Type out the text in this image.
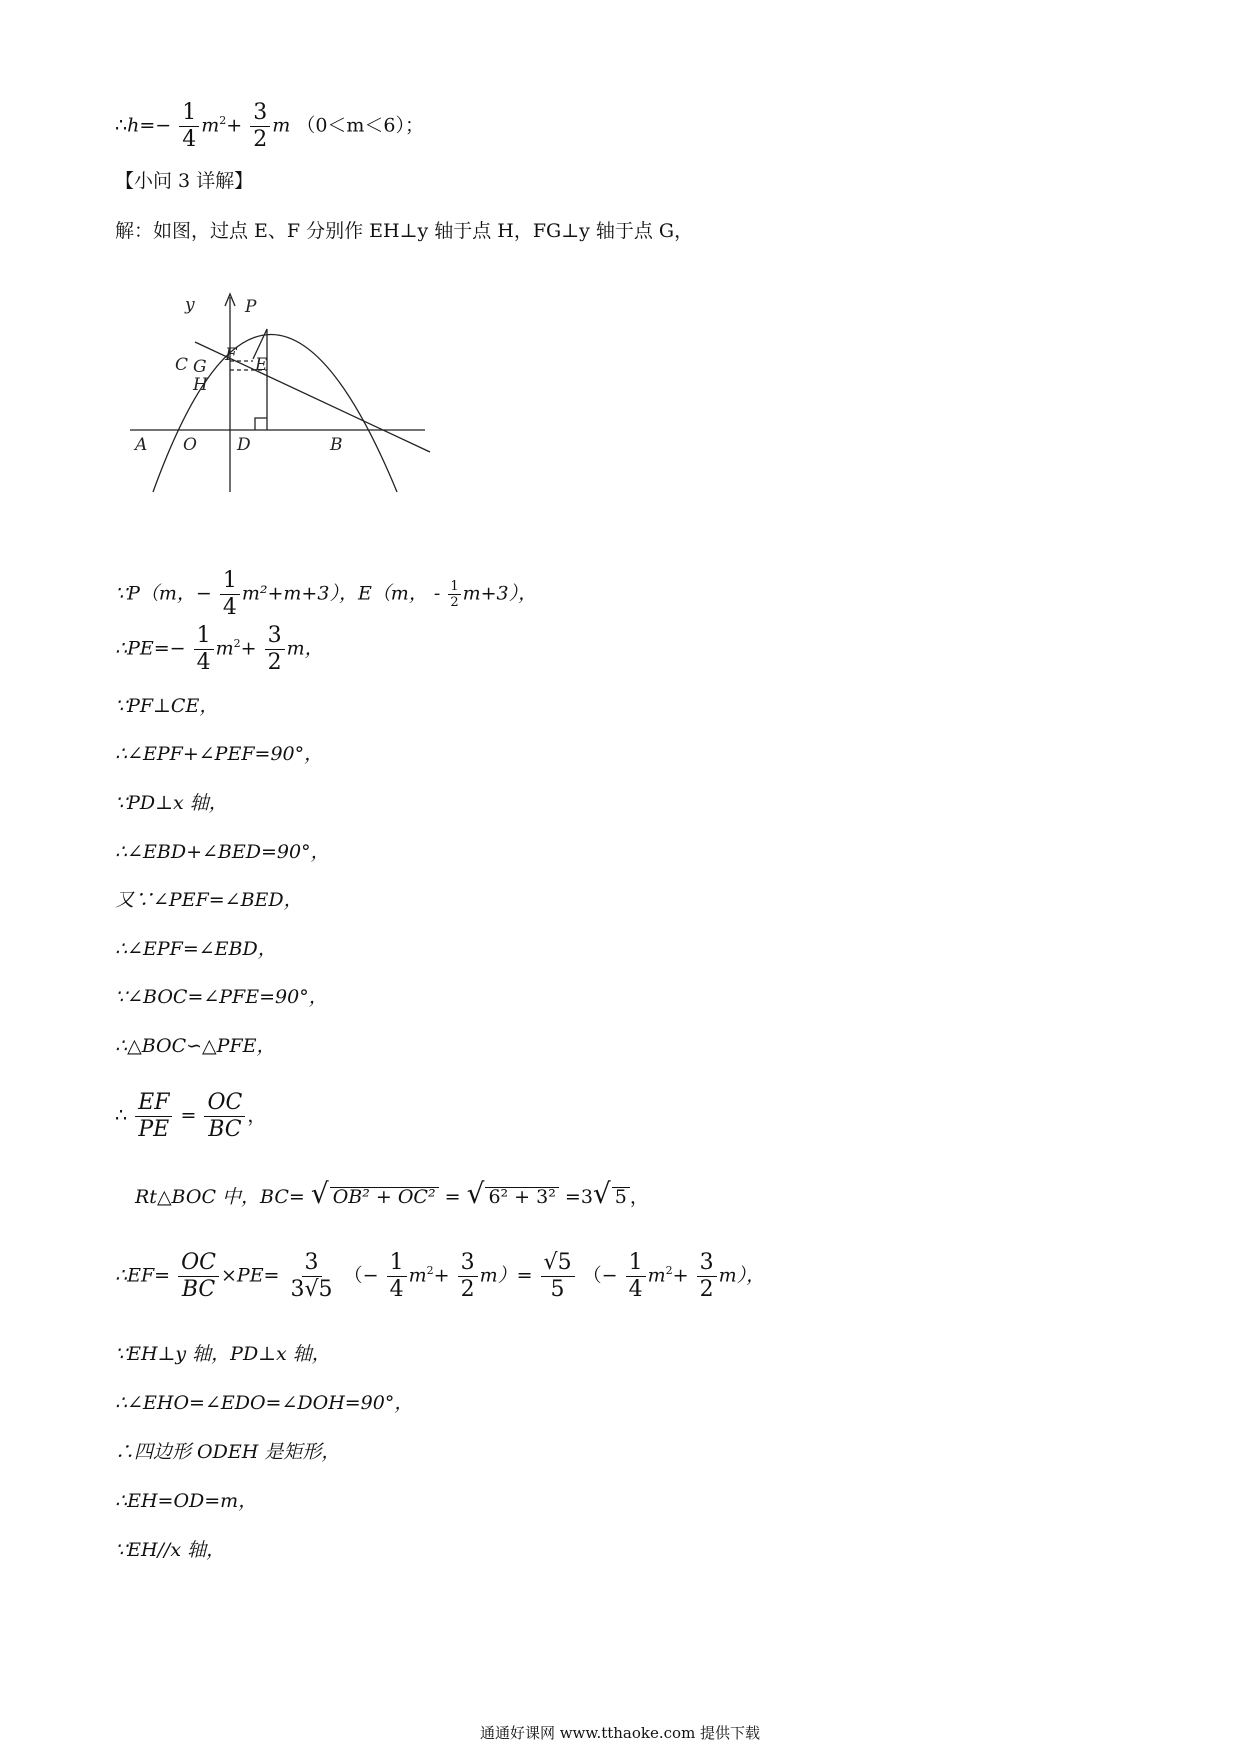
∴h=− $\frac{1}{4} m^2+ \frac{3}{2}$ m （0＜m＜6）；
【小问 3 详解】
解：如图，过点 E、F 分别作 EH⊥y 轴于点 H，FG⊥y 轴于点 G，
y	P
C G
F E
H
A O D	B
∵P（m，− $\frac{1}{4} m^2+m+3$），E（m， - $\frac{1}{2} m+3$），
∴PE=− $\frac{1}{4} m^2+ \frac{3}{2}$ m，
∵PF⊥CE，
∴∠EPF+∠PEF=90°，
∵PD⊥x 轴，
∴∠EBD+∠BED=90°，
又∵∠PEF=∠BED，
∴∠EPF=∠EBD，
∵∠BOC=∠PFE=90°，
∴△BOC∽△PFE，
∴ $\frac{EF}{PE} = \frac{OC}{BC}$ ，
Rt△BOC 中，BC= √ OB² + OC² = √ 6² + 3² =3√ 5 ，
∴EF= $\frac{OC}{BC} \times PE= \frac{3}{3√5}$ （− $\frac{1}{4} m^2+ \frac{3}{2} m)= \frac{√5}{5}$ （− $\frac{1}{4} m^2+ \frac{3}{2} m$），
∵EH⊥y 轴，PD⊥x 轴，
∴∠EHO=∠EDO=∠DOH=90°，
∴四边形 ODEH 是矩形，
∴EH=OD=m，
∵EH//x 轴，
通通好课网 www.tthaoke.com 提供下载
